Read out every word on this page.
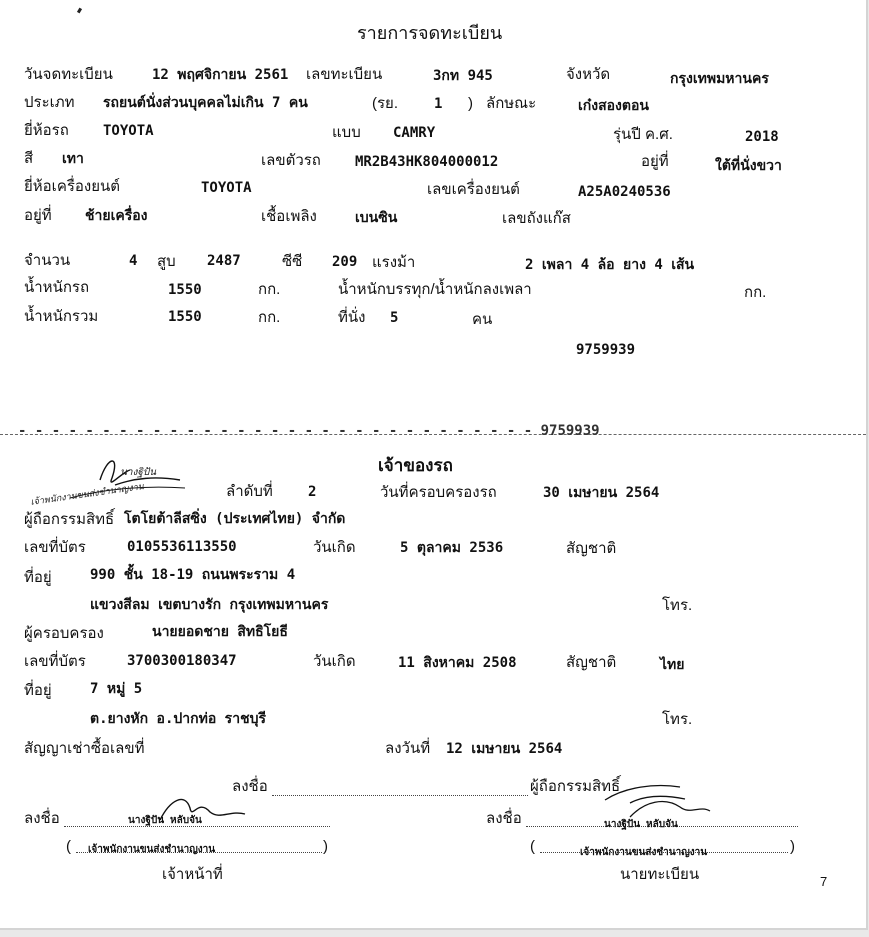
รายการจดทะเบียน
วันจดทะเบียน	12 พฤศจิกายน 2561 เลขทะเบียน	3กท 945	จังหวัด	กรุงเทพมหานคร
ประเภท รถยนต์นั่งส่วนบุคคลไม่เกิน 7 คน	(รย.	1 ) ลักษณะ	เก๋งสองตอน
ยี่ห้อรถ TOYOTA	แบบ CAMRY	รุ่นปี ค.ศ.	2018
สี เทา	เลขตัวรถ MR2B43HK804000012	อยู่ที่	ใต้ที่นั่งขวา
ยี่ห้อเครื่องยนต์	TOYOTA	เลขเครื่องยนต์	A25A0240536
อยู่ที่ ช้ายเครื่อง	เชื้อเพลิง	เบนซิน	เลขถังแก๊ส
จำนวน	4 สูบ 2487	ซีซี 209 แรงม้า	2 เพลา 4 ล้อ ยาง 4 เส้น
น้ำหนักรถ	1550	กก.	น้ำหนักบรรทุก/น้ำหนักลงเพลา	กก.
น้ำหนักรวม	1550	กก.	ที่นั่ง 5	คน
9759939
- - - - - - - - - - - - - - - - - - - - - - - - - - - - - - - 9759939
เจ้าของรถ
นางฐิปัน
เจ้าพนักงานขนส่งชำนาญงาน	ลำดับที่	2	วันที่ครอบครองรถ	30 เมษายน 2564
ผู้ถือกรรมสิทธิ์ โตโยต้าลีสซิ่ง (ประเทศไทย) จำกัด
เลขที่บัตร	0105536113550	วันเกิด	5 ตุลาคม 2536	สัญชาติ
ที่อยู่	990 ชั้น 18-19 ถนนพระราม 4
แขวงสีลม เขตบางรัก กรุงเทพมหานคร	โทร.
ผู้ครอบครอง	นายยอดชาย สิทธิโยธี
เลขที่บัตร	3700300180347	วันเกิด	11 สิงหาคม 2508	สัญชาติ	ไทย
ที่อยู่	7 หมู่ 5
ต.ยางหัก อ.ปากท่อ ราชบุรี	โทร.
สัญญาเช่าซื้อเลขที่	ลงวันที่ 12 เมษายน 2564
ลงชื่อ	ผู้ถือกรรมสิทธิ์
ลงชื่อ	นางฐิปัน หลับจัน
( เจ้าพนักงานขนส่งชำนาญงาน	)
เจ้าหน้าที่
ลงชื่อ	นางฐิปัน หลับจัน
(	เจ้าพนักงานขนส่งชำนาญงาน	)
นายทะเบียน	7
